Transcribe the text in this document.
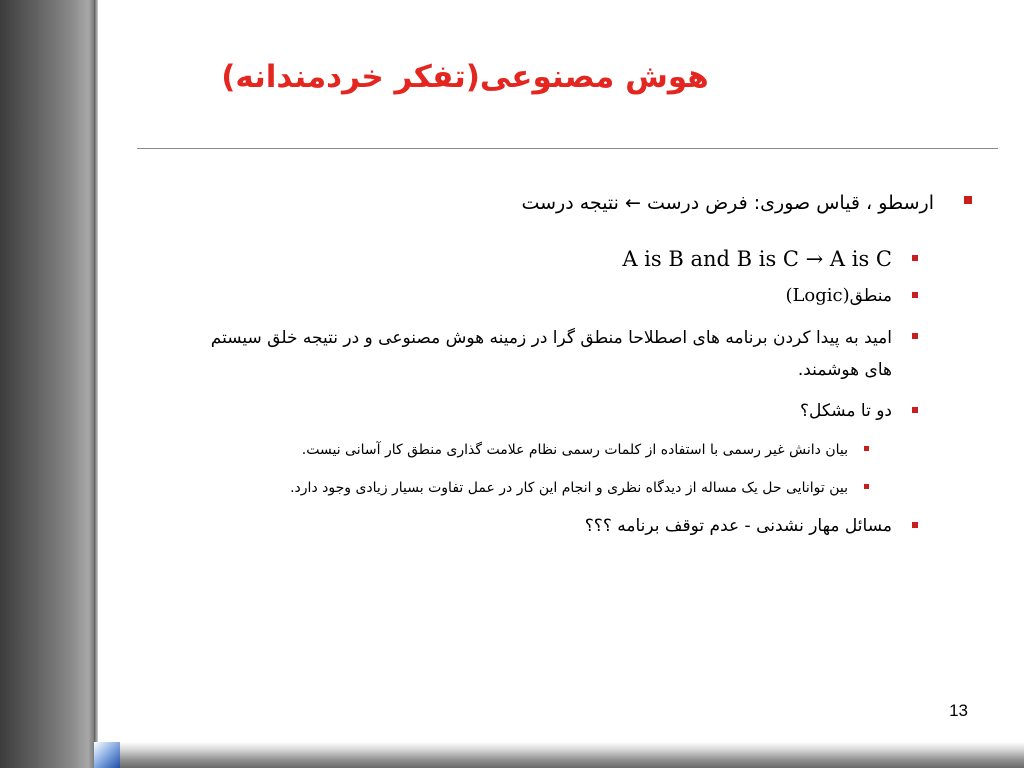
هوش مصنوعی(تفکر خردمندانه)
ارسطو ، قیاس صوری: فرض درست ← نتیجه درست
A is B and B is C → A is C
منطق(Logic)
امید به پیدا کردن برنامه های اصطلاحا منطق گرا در زمینه هوش مصنوعی و در نتیجه خلق سیستم های هوشمند.
دو تا مشکل؟
بیان دانش غیر رسمی با استفاده از کلمات رسمی نظام علامت گذاری منطق کار آسانی نیست.
بین توانایی حل یک مساله از دیدگاه نظری و انجام این کار در عمل تفاوت بسیار زیادی وجود دارد.
مسائل مهار نشدنی - عدم توقف برنامه ؟؟؟
13
